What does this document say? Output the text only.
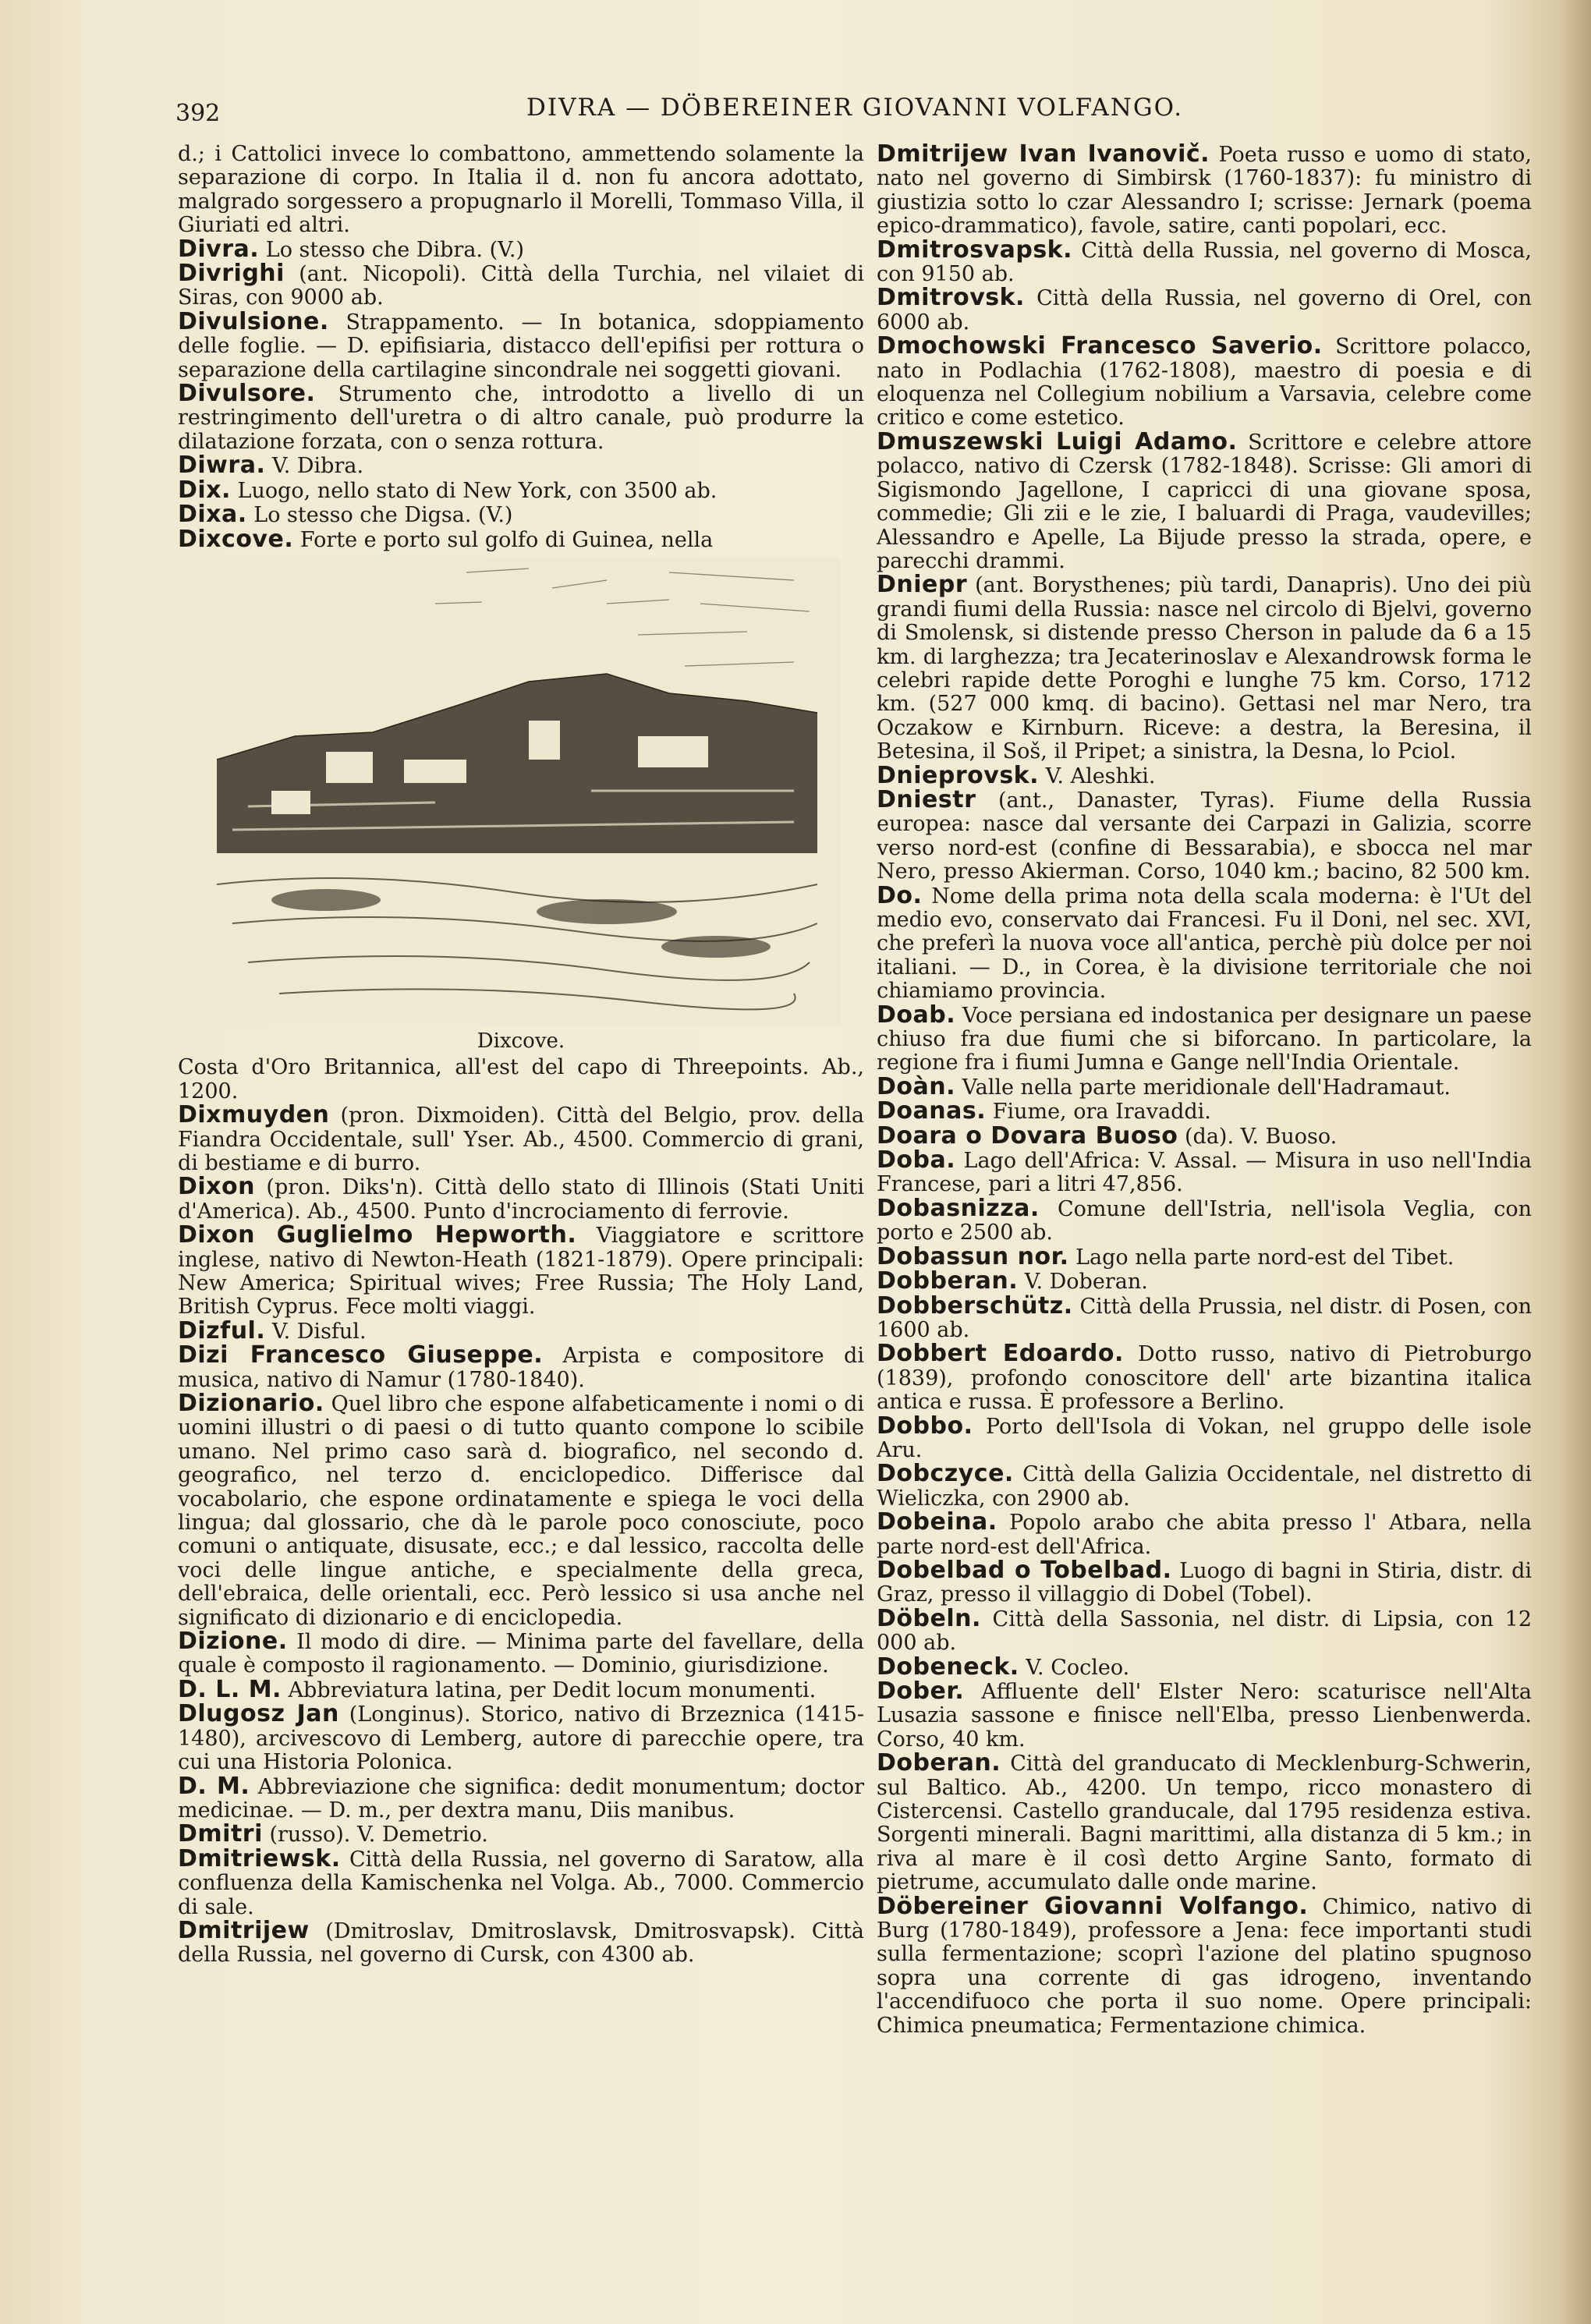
392	DIVRA — DÖBEREINER GIOVANNI VOLFANGO.

d.; i Cattolici invece lo combattono, ammettendo solamente la separazione di corpo. In Italia il d. non fu ancora adottato, malgrado sorgessero a propugnarlo il Morelli, Tommaso Villa, il Giuriati ed altri.

Divra. Lo stesso che Dibra. (V.)

Divrighi (ant. Nicopoli). Città della Turchia, nel vilaiet di Siras, con 9000 ab.

Divulsione. Strappamento. — In botanica, sdoppiamento delle foglie. — D. epifisiaria, distacco dell'epifisi per rottura o separazione della cartilagine sincondrale nei soggetti giovani.

Divulsore. Strumento che, introdotto a livello di un restringimento dell'uretra o di altro canale, può produrre la dilatazione forzata, con o senza rottura.

Diwra. V. Dibra.

Dix. Luogo, nello stato di New York, con 3500 ab.

Dixa. Lo stesso che Digsa. (V.)

Dixcove. Forte e porto sul golfo di Guinea, nella

Dixcove.

Costa d'Oro Britannica, all'est del capo di Threepoints. Ab., 1200.

Dixmuyden (pron. Dixmoiden). Città del Belgio, prov. della Fiandra Occidentale, sull' Yser. Ab., 4500. Commercio di grani, di bestiame e di burro.

Dixon (pron. Diks'n). Città dello stato di Illinois (Stati Uniti d'America). Ab., 4500. Punto d'incrociamento di ferrovie.

Dixon Guglielmo Hepworth. Viaggiatore e scrittore inglese, nativo di Newton-Heath (1821-1879). Opere principali: New America; Spiritual wives; Free Russia; The Holy Land, British Cyprus. Fece molti viaggi.

Dizful. V. Disful.

Dizi Francesco Giuseppe. Arpista e compositore di musica, nativo di Namur (1780-1840).

Dizionario. Quel libro che espone alfabeticamente i nomi o di uomini illustri o di paesi o di tutto quanto compone lo scibile umano. Nel primo caso sarà d. biografico, nel secondo d. geografico, nel terzo d. enciclopedico. Differisce dal vocabolario, che espone ordinatamente e spiega le voci della lingua; dal glossario, che dà le parole poco conosciute, poco comuni o antiquate, disusate, ecc.; e dal lessico, raccolta delle voci delle lingue antiche, e specialmente della greca, dell'ebraica, delle orientali, ecc. Però lessico si usa anche nel significato di dizionario e di enciclopedia.

Dizione. Il modo di dire. — Minima parte del favellare, della quale è composto il ragionamento. — Dominio, giurisdizione.

D. L. M. Abbreviatura latina, per Dedit locum monumenti.

Dlugosz Jan (Longinus). Storico, nativo di Brzeznica (1415-1480), arcivescovo di Lemberg, autore di parecchie opere, tra cui una Historia Polonica.

D. M. Abbreviazione che significa: dedit monumentum; doctor medicinae. — D. m., per dextra manu, Diis manibus.

Dmitri (russo). V. Demetrio.

Dmitriewsk. Città della Russia, nel governo di Saratow, alla confluenza della Kamischenka nel Volga. Ab., 7000. Commercio di sale.

Dmitrijew (Dmitroslav, Dmitroslavsk, Dmitrosvapsk). Città della Russia, nel governo di Cursk, con 4300 ab.

Dmitrijew Ivan Ivanovič. Poeta russo e uomo di stato, nato nel governo di Simbirsk (1760-1837): fu ministro di giustizia sotto lo czar Alessandro I; scrisse: Jernark (poema epico-drammatico), favole, satire, canti popolari, ecc.

Dmitrosvapsk. Città della Russia, nel governo di Mosca, con 9150 ab.

Dmitrovsk. Città della Russia, nel governo di Orel, con 6000 ab.

Dmochowski Francesco Saverio. Scrittore polacco, nato in Podlachia (1762-1808), maestro di poesia e di eloquenza nel Collegium nobilium a Varsavia, celebre come critico e come estetico.

Dmuszewski Luigi Adamo. Scrittore e celebre attore polacco, nativo di Czersk (1782-1848). Scrisse: Gli amori di Sigismondo Jagellone, I capricci di una giovane sposa, commedie; Gli zii e le zie, I baluardi di Praga, vaudevilles; Alessandro e Apelle, La Bijude presso la strada, opere, e parecchi drammi.

Dniepr (ant. Borysthenes; più tardi, Danapris). Uno dei più grandi fiumi della Russia: nasce nel circolo di Bjelvi, governo di Smolensk, si distende presso Cherson in palude da 6 a 15 km. di larghezza; tra Jecaterinoslav e Alexandrowsk forma le celebri rapide dette Poroghi e lunghe 75 km. Corso, 1712 km. (527 000 kmq. di bacino). Gettasi nel mar Nero, tra Oczakow e Kirnburn. Riceve: a destra, la Beresina, il Betesina, il Soš, il Pripet; a sinistra, la Desna, lo Pciol.

Dnieprovsk. V. Aleshki.

Dniestr (ant., Danaster, Tyras). Fiume della Russia europea: nasce dal versante dei Carpazi in Galizia, scorre verso nord-est (confine di Bessarabia), e sbocca nel mar Nero, presso Akierman. Corso, 1040 km.; bacino, 82 500 km.

Do. Nome della prima nota della scala moderna: è l'Ut del medio evo, conservato dai Francesi. Fu il Doni, nel sec. XVI, che preferì la nuova voce all'antica, perchè più dolce per noi italiani. — D., in Corea, è la divisione territoriale che noi chiamiamo provincia.

Doab. Voce persiana ed indostanica per designare un paese chiuso fra due fiumi che si biforcano. In particolare, la regione fra i fiumi Jumna e Gange nell'India Orientale.

Doàn. Valle nella parte meridionale dell'Hadramaut.

Doanas. Fiume, ora Iravaddi.

Doara o Dovara Buoso (da). V. Buoso.

Doba. Lago dell'Africa: V. Assal. — Misura in uso nell'India Francese, pari a litri 47,856.

Dobasnizza. Comune dell'Istria, nell'isola Veglia, con porto e 2500 ab.

Dobassun nor. Lago nella parte nord-est del Tibet.

Dobberan. V. Doberan.

Dobberschütz. Città della Prussia, nel distr. di Posen, con 1600 ab.

Dobbert Edoardo. Dotto russo, nativo di Pietroburgo (1839), profondo conoscitore dell' arte bizantina italica antica e russa. È professore a Berlino.

Dobbo. Porto dell'Isola di Vokan, nel gruppo delle isole Aru.

Dobczyce. Città della Galizia Occidentale, nel distretto di Wieliczka, con 2900 ab.

Dobeina. Popolo arabo che abita presso l' Atbara, nella parte nord-est dell'Africa.

Dobelbad o Tobelbad. Luogo di bagni in Stiria, distr. di Graz, presso il villaggio di Dobel (Tobel).

Döbeln. Città della Sassonia, nel distr. di Lipsia, con 12 000 ab.

Dobeneck. V. Cocleo.

Dober. Affluente dell' Elster Nero: scaturisce nell'Alta Lusazia sassone e finisce nell'Elba, presso Lienbenwerda. Corso, 40 km.

Doberan. Città del granducato di Mecklenburg-Schwerin, sul Baltico. Ab., 4200. Un tempo, ricco monastero di Cistercensi. Castello granducale, dal 1795 residenza estiva. Sorgenti minerali. Bagni marittimi, alla distanza di 5 km.; in riva al mare è il così detto Argine Santo, formato di pietrume, accumulato dalle onde marine.

Döbereiner Giovanni Volfango. Chimico, nativo di Burg (1780-1849), professore a Jena: fece importanti studi sulla fermentazione; scoprì l'azione del platino spugnoso sopra una corrente di gas idrogeno, inventando l'accendifuoco che porta il suo nome. Opere principali: Chimica pneumatica; Fermentazione chimica.
